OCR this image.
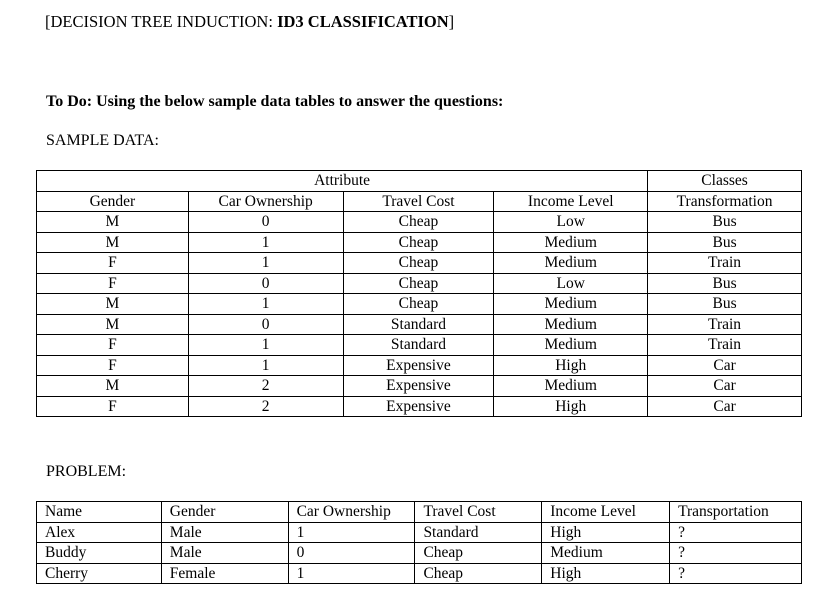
[DECISION TREE INDUCTION: ID3 CLASSIFICATION]
To Do: Using the below sample data tables to answer the questions:
SAMPLE DATA:
Attribute				Classes
Gender	Car Ownership	Travel Cost	Income Level	Transformation
M	0	Cheap	Low	Bus
M	1	Cheap	Medium	Bus
F	1	Cheap	Medium	Train
F	0	Cheap	Low	Bus
M	1	Cheap	Medium	Bus
M	0	Standard	Medium	Train
F	1	Standard	Medium	Train
F	1	Expensive	High	Car
M	2	Expensive	Medium	Car
F	2	Expensive	High	Car
PROBLEM:
Name	Gender	Car Ownership	Travel Cost	Income Level	Transportation
Alex	Male	1	Standard	High	?
Buddy	Male	0	Cheap	Medium	?
Cherry	Female	1	Cheap	High	?
